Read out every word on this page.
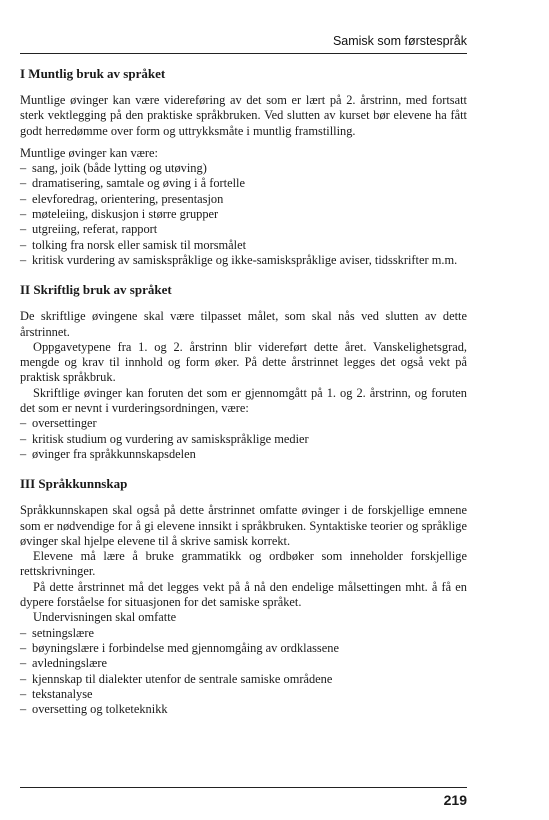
Samisk som førstespråk
I Muntlig bruk av språket

Muntlige øvinger kan være videreføring av det som er lært på 2. årstrinn, med fortsatt sterk vektlegging på den praktiske språkbruken. Ved slutten av kurset bør elevene ha fått godt herredømme over form og uttrykksmåte i muntlig framstilling.

Muntlige øvinger kan være:

– sang, joik (både lytting og utøving)
– dramatisering, samtale og øving i å fortelle
– elevforedrag, orientering, presentasjon
– møteleiing, diskusjon i større grupper
– utgreiing, referat, rapport
– tolking fra norsk eller samisk til morsmålet
– kritisk vurdering av samiskspråklige og ikke-samiskspråklige aviser, tidsskrifter m.m.
II Skriftlig bruk av språket

De skriftlige øvingene skal være tilpasset målet, som skal nås ved slutten av dette årstrinnet.

Oppgavetypene fra 1. og 2. årstrinn blir videreført dette året. Vanskelighetsgrad, mengde og krav til innhold og form øker. På dette årstrinnet legges det også vekt på praktisk språkbruk.

Skriftlige øvinger kan foruten det som er gjennomgått på 1. og 2. årstrinn, og foruten det som er nevnt i vurderingsordningen, være:

– oversettinger
– kritisk studium og vurdering av samiskspråklige medier
– øvinger fra språkkunnskapsdelen
III Språkkunnskap

Språkkunnskapen skal også på dette årstrinnet omfatte øvinger i de forskjellige emnene som er nødvendige for å gi elevene innsikt i språkbruken. Syntaktiske teorier og språklige øvinger skal hjelpe elevene til å skrive samisk korrekt.

Elevene må lære å bruke grammatikk og ordbøker som inneholder forskjellige rettskrivninger.

På dette årstrinnet må det legges vekt på å nå den endelige målsettingen mht. å få en dypere forståelse for situasjonen for det samiske språket.

Undervisningen skal omfatte

– setningslære
– bøyningslære i forbindelse med gjennomgåing av ordklassene
– avledningslære
– kjennskap til dialekter utenfor de sentrale samiske områdene
– tekstanalyse
– oversetting og tolketeknikk
219
